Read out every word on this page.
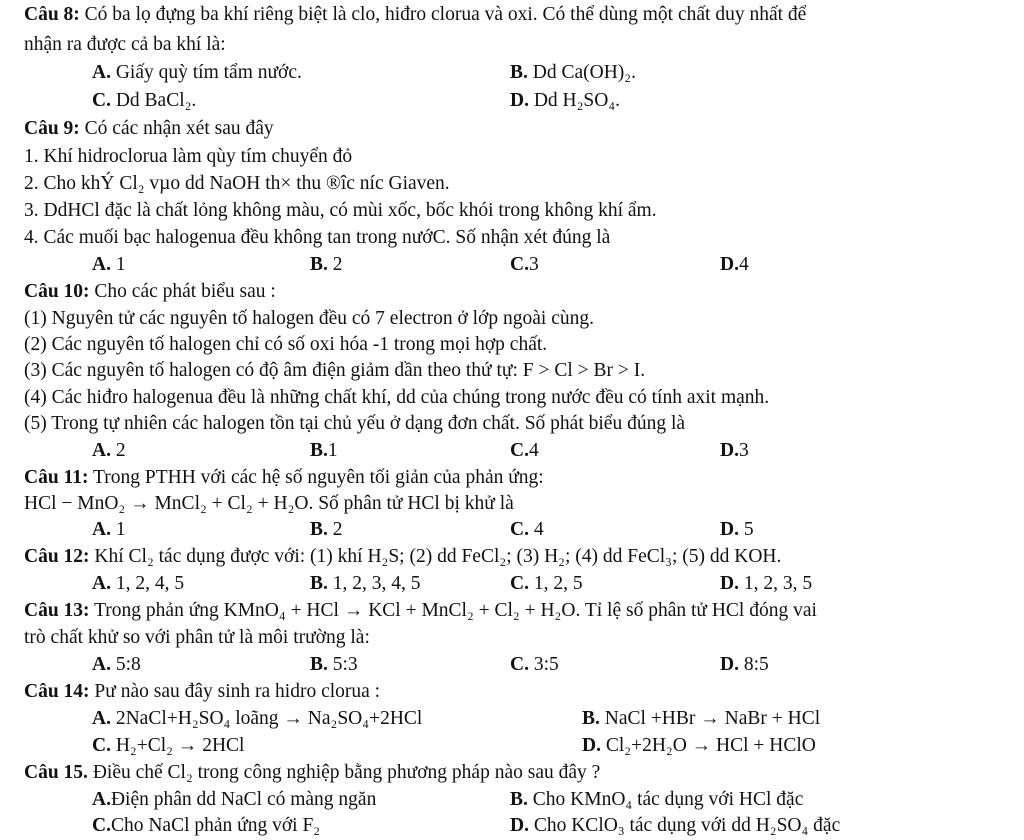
Câu 8: Có ba lọ đựng ba khí riêng biệt là clo, hiđro clorua và oxi. Có thể dùng một chất duy nhất để
nhận ra được cả ba khí là:
A. Giấy quỳ tím tẩm nước.	B. Dd Ca(OH)₂.
C. Dd BaCl₂.	D. Dd H₂SO₄.
Câu 9: Có các nhận xét sau đây
1. Khí hidroclorua làm qùy tím chuyển đỏ
2. Cho khÝ Cl₂ vµo dd NaOH th× thu ®îc níc Giaven.
3. DdHCl đặc là chất lỏng không màu, có mùi xốc, bốc khói trong không khí ẩm.
4. Các muối bạc halogenua đều không tan trong nướC. Số nhận xét đúng là
A. 1	B. 2	C.3	D.4
Câu 10: Cho các phát biểu sau :
(1) Nguyên tử các nguyên tố halogen đều có 7 electron ở lớp ngoài cùng.
(2) Các nguyên tố halogen chỉ có số oxi hóa -1 trong mọi hợp chất.
(3) Các nguyên tố halogen có độ âm điện giảm dần theo thứ tự: F > Cl > Br > I.
(4) Các hiđro halogenua đều là những chất khí, dd của chúng trong nước đều có tính axit mạnh.
(5) Trong tự nhiên các halogen tồn tại chủ yếu ở dạng đơn chất. Số phát biểu đúng là
A. 2	B.1	C.4	D.3
Câu 11: Trong PTHH với các hệ số nguyên tối giản của phản ứng:
HCl − MnO₂ → MnCl₂ + Cl₂ + H₂O. Số phân tử HCl bị khử là
A. 1	B. 2	C. 4	D. 5
Câu 12: Khí Cl₂ tác dụng được với: (1) khí H₂S; (2) dd FeCl₂; (3) H₂; (4) dd FeCl₃; (5) dd KOH.
A. 1, 2, 4, 5	B. 1, 2, 3, 4, 5	C. 1, 2, 5	D. 1, 2, 3, 5
Câu 13: Trong phản ứng KMnO₄ + HCl → KCl + MnCl₂ + Cl₂ + H₂O. Tỉ lệ số phân tử HCl đóng vai
trò chất khử so với phân tử là môi trường là:
A. 5:8	B. 5:3	C. 3:5	D. 8:5
Câu 14: Pư nào sau đây sinh ra hidro clorua :
A. 2NaCl+H₂SO₄ loãng → Na₂SO₄+2HCl	B. NaCl +HBr → NaBr + HCl
C. H₂+Cl₂ → 2HCl	D. Cl₂+2H₂O → HCl + HClO
Câu 15. Điều chế Cl₂ trong công nghiệp bằng phương pháp nào sau đây ?
A.Điện phân dd NaCl có màng ngăn	B. Cho KMnO₄ tác dụng với HCl đặc
C.Cho NaCl phản ứng với F₂	D. Cho KClO₃ tác dụng với dd H₂SO₄ đặc
